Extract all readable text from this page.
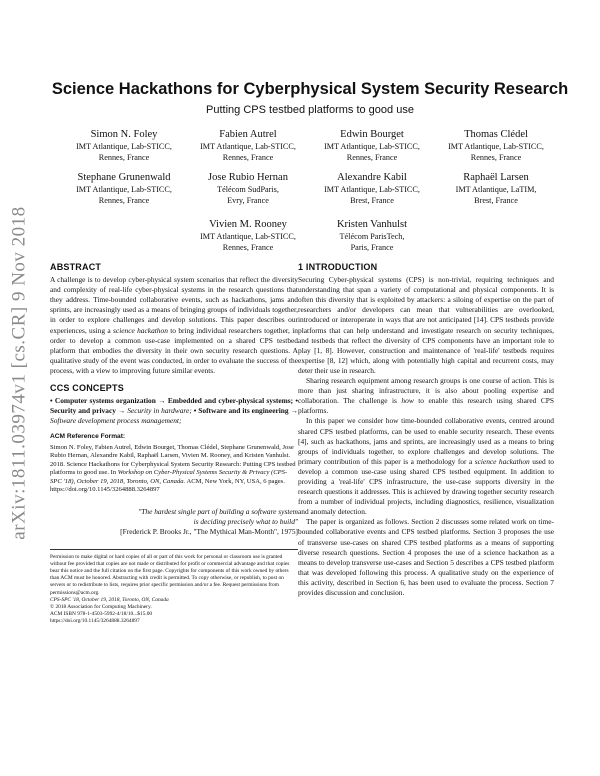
arXiv:1811.03974v1 [cs.CR] 9 Nov 2018
Science Hackathons for Cyberphysical System Security Research
Putting CPS testbed platforms to good use
Simon N. Foley
IMT Atlantique, Lab-STICC,
Rennes, France
Fabien Autrel
IMT Atlantique, Lab-STICC,
Rennes, France
Edwin Bourget
IMT Atlantique, Lab-STICC,
Rennes, France
Thomas Clédel
IMT Atlantique, Lab-STICC,
Rennes, France
Stephane Grunenwald
IMT Atlantique, Lab-STICC,
Rennes, France
Jose Rubio Hernan
Télécom SudParis,
Evry, France
Alexandre Kabil
IMT Atlantique, Lab-STICC,
Brest, France
Raphaël Larsen
IMT Atlantique, LaTIM,
Brest, France
Vivien M. Rooney
IMT Atlantique, Lab-STICC,
Rennes, France
Kristen Vanhulst
Télécom ParisTech,
Paris, France
ABSTRACT

A challenge is to develop cyber-physical system scenarios that reflect the diversity and complexity of real-life cyber-physical systems in the research questions that they address. Time-bounded collaborative events, such as hackathons, jams and sprints, are increasingly used as a means of bringing groups of individuals together, in order to explore challenges and develop solutions. This paper describes our experiences, using a science hackathon to bring individual researchers together, in order to develop a common use-case implemented on a shared CPS testbed platform that embodies the diversity in their own security research questions. A qualitative study of the event was conducted, in order to evaluate the success of the process, with a view to improving future similar events.

CCS CONCEPTS

• Computer systems organization → Embedded and cyber-physical systems; • Security and privacy → Security in hardware; • Software and its engineering → Software development process management;

ACM Reference Format:

Simon N. Foley, Fabien Autrel, Edwin Bourget, Thomas Clédel, Stephane Grunenwald, Jose Rubio Hernan, Alexandre Kabil, Raphaël Larsen, Vivien M. Rooney, and Kristen Vanhulst. 2018. Science Hackathons for Cyberphysical System Security Research: Putting CPS testbed platforms to good use. In Workshop on Cyber-Physical Systems Security & Privacy (CPS-SPC '18), October 19, 2018, Toronto, ON, Canada. ACM, New York, NY, USA, 6 pages. https://doi.org/10.1145/3264888.3264897

"The hardest single part of building a software system
is deciding precisely what to build"
[Frederick P. Brooks Jr., "The Mythical Man-Month", 1975]

Permission to make digital or hard copies of all or part of this work for personal or classroom use is granted without fee provided that copies are not made or distributed for profit or commercial advantage and that copies bear this notice and the full citation on the first page. Copyrights for components of this work owned by others than ACM must be honored. Abstracting with credit is permitted. To copy otherwise, or republish, to post on servers or to redistribute to lists, requires prior specific permission and/or a fee. Request permissions from permissions@acm.org.

CPS-SPC '18, October 19, 2018, Toronto, ON, Canada

© 2018 Association for Computing Machinery.

ACM ISBN 978-1-4503-5992-4/18/10...$15.00

https://doi.org/10.1145/3264888.3264897

1 INTRODUCTION

Securing Cyber-physical systems (CPS) is non-trivial, requiring techniques and understanding that span a variety of computational and physical components. It is often this diversity that is exploited by attackers: a siloing of expertise on the part of researchers and/or developers can mean that vulnerabilities are overlooked, introduced or interoperate in ways that are not anticipated [14]. CPS testbeds provide platforms that can help understand and investigate research on security techniques, and testbeds that reflect the diversity of CPS components have an important role to play [1, 8]. However, construction and maintenance of 'real-life' testbeds requires expertise [8, 12] which, along with potentially high capital and recurrent costs, may deter their use in research.

Sharing research equipment among research groups is one course of action. This is more than just sharing infrastructure, it is also about pooling expertise and collaboration. The challenge is how to enable this research using shared CPS platforms.

In this paper we consider how time-bounded collaborative events, centred around shared CPS testbed platforms, can be used to enable security research. These events [4], such as hackathons, jams and sprints, are increasingly used as a means to bring groups of individuals together, to explore challenges and develop solutions. The primary contribution of this paper is a methodology for a science hackathon used to develop a common use-case using shared CPS testbed equipment. In addition to providing a 'real-life' CPS infrastructure, the use-case supports diversity in the research questions it addresses. This is achieved by drawing together security research from a number of individual projects, including diagnostics, resilience, visualization and anomaly detection.

The paper is organized as follows. Section 2 discusses some related work on time-bounded collaborative events and CPS testbed platforms. Section 3 proposes the use of transverse use-cases on shared CPS testbed platforms as a means of supporting diverse research questions. Section 4 proposes the use of a science hackathon as a means to develop transverse use-cases and Section 5 describes a CPS testbed platform that was developed following this process. A qualitative study on the experience of this activity, described in Section 6, has been used to evaluate the process. Section 7 provides discussion and conclusion.
